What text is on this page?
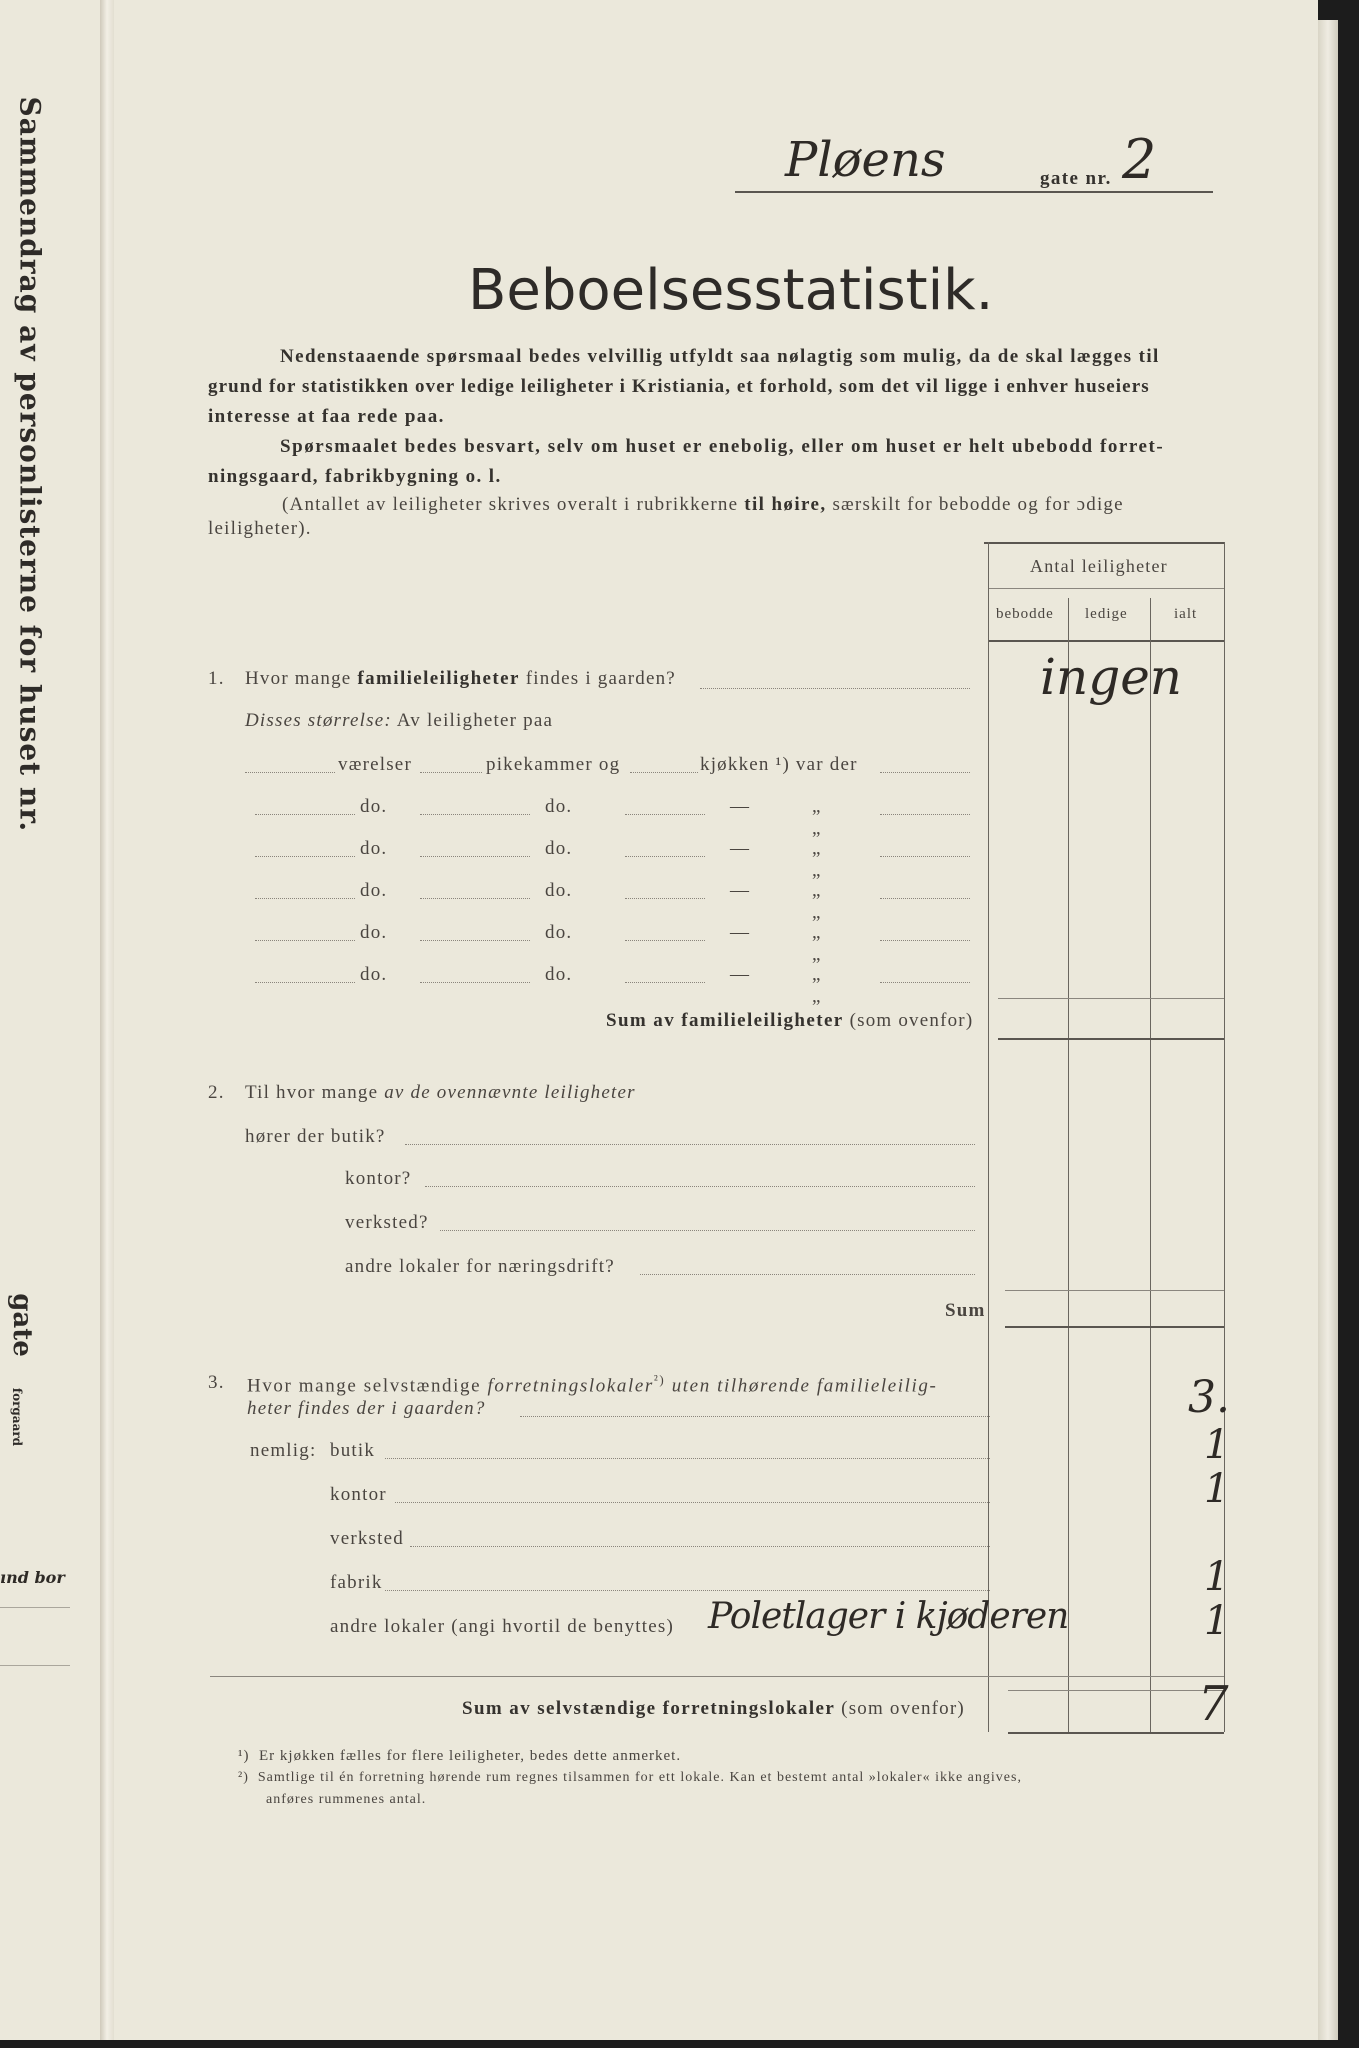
Sammendrag av personlisterne for huset nr.
gate
forgaard
ınd bor
Pløens	gate nr. 2
Beboelsesstatistik.
Nedenstaaende spørsmaal bedes velvillig utfyldt saa nølagtig som mulig, da de skal lægges til
grund for statistikken over ledige leiligheter i Kristiania, et forhold, som det vil ligge i enhver huseiers
interesse at faa rede paa.
Spørsmaalet bedes besvart, selv om huset er enebolig, eller om huset er helt ubebodd forret-
ningsgaard, fabrikbygning o. l.
(Antallet av leiligheter skrives overalt i rubrikkerne til høire, særskilt for bebodde og for ɔdige
leiligheter).
Antal leiligheter
bebodde ledige	ialt
1. Hvor mange familieleiligheter findes i gaarden?	ingen
Disses størrelse: Av leiligheter paa
værelser	pikekammer og	kjøkken ¹) var der
do.	do.	—	„ „
do.	do.	—	„ „
do.	do.	—	„ „
do.	do.	—	„ „
do.	do.	—	„ „
Sum av familieleiligheter (som ovenfor)
2. Til hvor mange av de ovennævnte leiligheter
hører der butik?
kontor?
verksted?
andre lokaler for næringsdrift?
Sum
3. Hvor mange selvstændige forretningslokaler$^{^2)}$ uten tilhørende familieleilig-
heter findes der i gaarden?	3.
nemlig: butik	1
kontor	1
verksted
fabrik	1
andre lokaler (angi hvortil de benyttes) Poletlager i kjøderen	1
Sum av selvstændige forretningslokaler (som ovenfor)	7
¹) Er kjøkken fælles for flere leiligheter, bedes dette anmerket.
²) Samtlige til én forretning hørende rum regnes tilsammen for ett lokale. Kan et bestemt antal »lokaler« ikke angives,
anføres rummenes antal.
